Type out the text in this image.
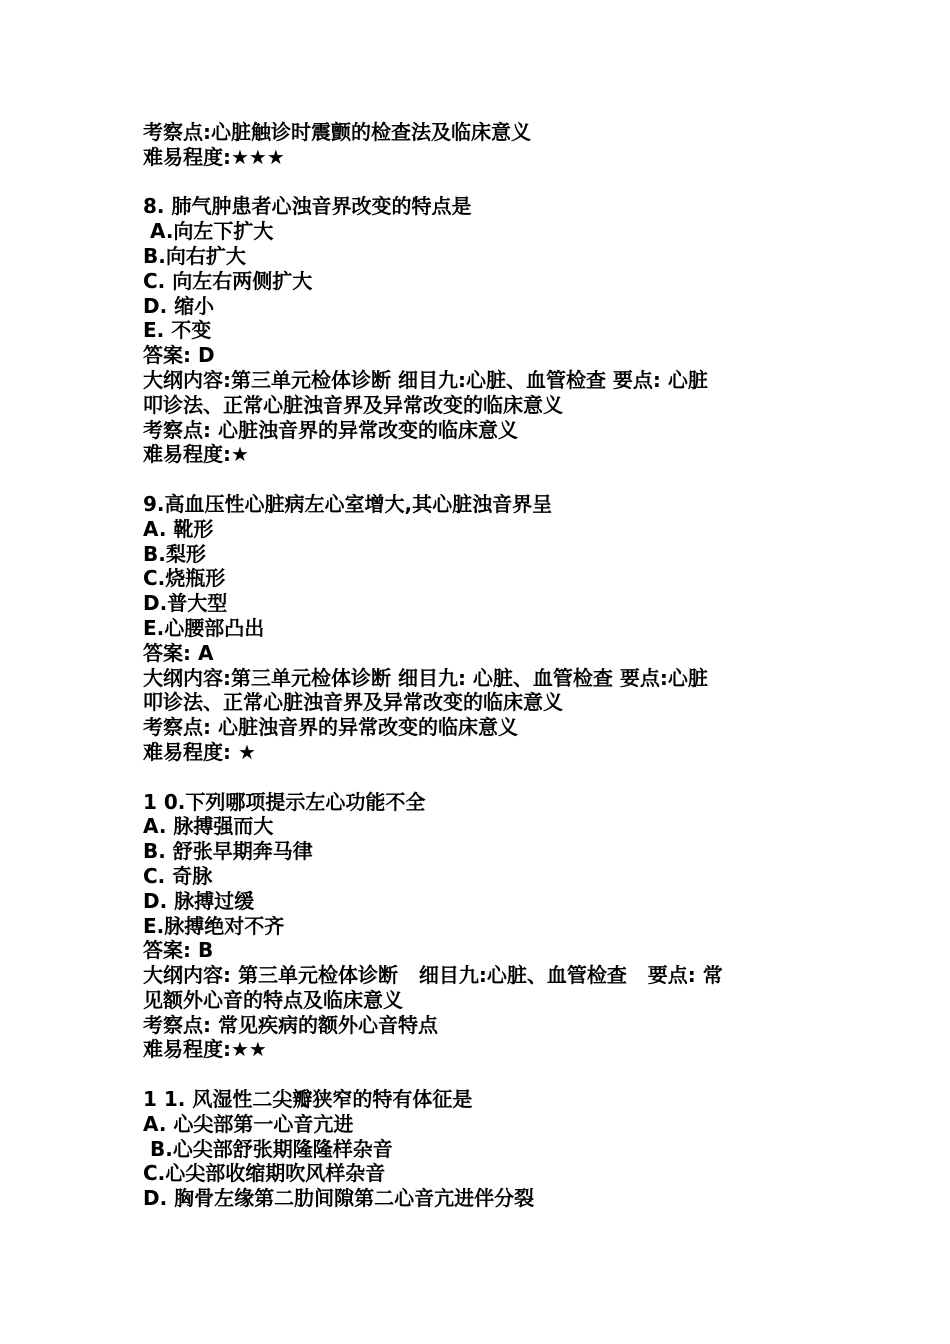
考察点:心脏触诊时震颤的检查法及临床意义
难易程度:★★★
8. 肺气肿患者心浊音界改变的特点是
A.向左下扩大
B.向右扩大
C. 向左右两侧扩大
D. 缩小
E. 不变
答案: D
大纲内容:第三单元检体诊断 细目九:心脏、血管检查 要点: 心脏
叩诊法、正常心脏浊音界及异常改变的临床意义
考察点: 心脏浊音界的异常改变的临床意义
难易程度:★
9.高血压性心脏病左心室增大,其心脏浊音界呈
A. 靴形
B.梨形
C.烧瓶形
D.普大型
E.心腰部凸出
答案: A
大纲内容:第三单元检体诊断 细目九: 心脏、血管检查 要点:心脏
叩诊法、正常心脏浊音界及异常改变的临床意义
考察点: 心脏浊音界的异常改变的临床意义
难易程度: ★
1 0.下列哪项提示左心功能不全
A. 脉搏强而大
B. 舒张早期奔马律
C. 奇脉
D. 脉搏过缓
E.脉搏绝对不齐
答案: B
大纲内容: 第三单元检体诊断   细目九:心脏、血管检查   要点: 常
见额外心音的特点及临床意义
考察点: 常见疾病的额外心音特点
难易程度:★★
1 1. 风湿性二尖瓣狭窄的特有体征是
A. 心尖部第一心音亢进
B.心尖部舒张期隆隆样杂音
C.心尖部收缩期吹风样杂音
D. 胸骨左缘第二肋间隙第二心音亢进伴分裂
